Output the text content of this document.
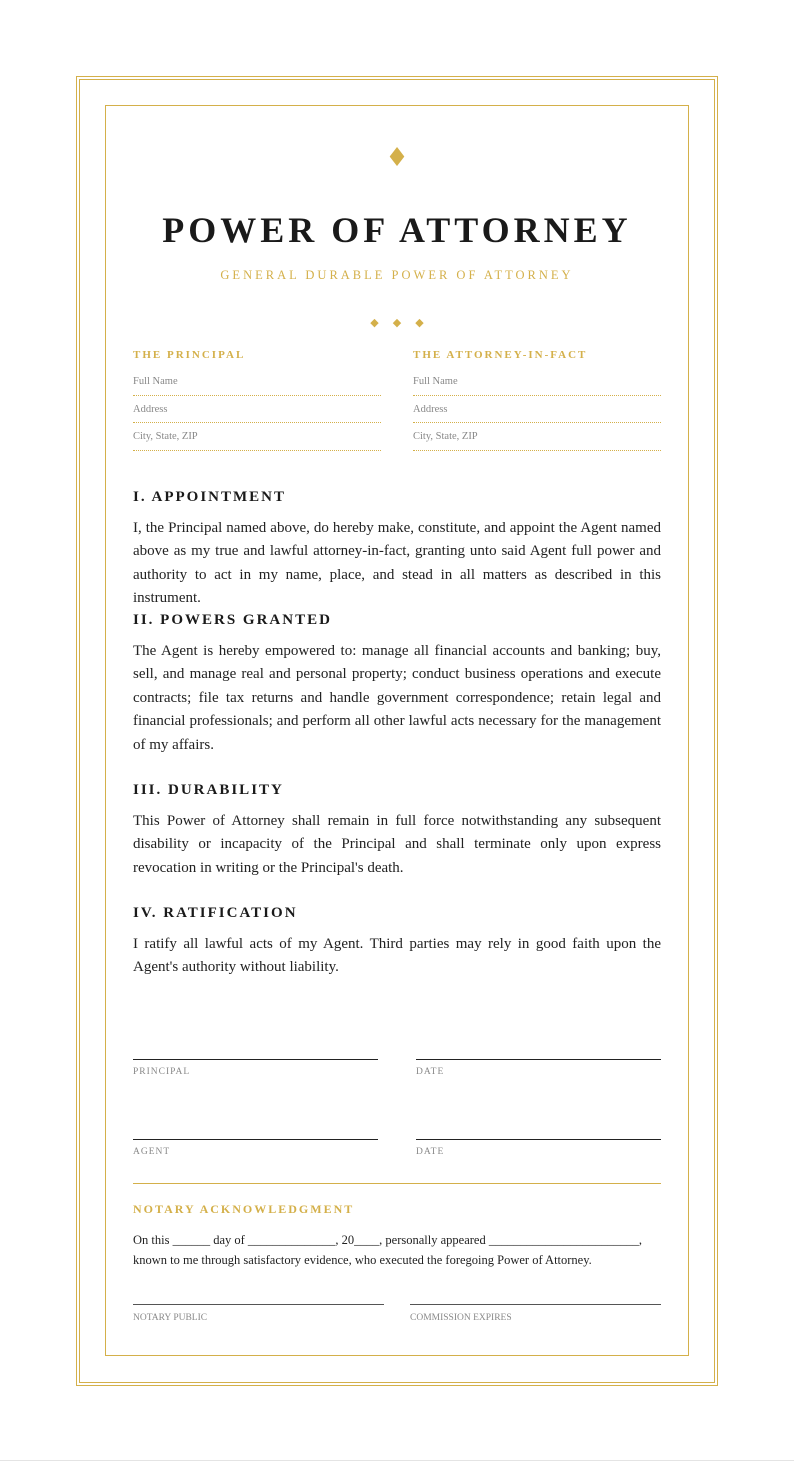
♦
POWER OF ATTORNEY
GENERAL DURABLE POWER OF ATTORNEY
◆◆◆
THE PRINCIPAL
Full Name
Address
City, State, ZIP
THE ATTORNEY-IN-FACT
Full Name
Address
City, State, ZIP
I. APPOINTMENT

I, the Principal named above, do hereby make, constitute, and appoint the Agent named above as my true and lawful attorney-in-fact, granting unto said Agent full power and authority to act in my name, place, and stead in all matters as described in this instrument.

II. POWERS GRANTED

The Agent is hereby empowered to: manage all financial accounts and banking; buy, sell, and manage real and personal property; conduct business operations and execute contracts; file tax returns and handle government correspondence; retain legal and financial professionals; and perform all other lawful acts necessary for the management of my affairs.

III. DURABILITY

This Power of Attorney shall remain in full force notwithstanding any subsequent disability or incapacity of the Principal and shall terminate only upon express revocation in writing or the Principal's death.

IV. RATIFICATION

I ratify all lawful acts of my Agent. Third parties may rely in good faith upon the Agent's authority without liability.

PRINCIPAL	DATE
AGENT	DATE
NOTARY ACKNOWLEDGMENT

On this ______ day of ______________, 20____, personally appeared ________________________, known to me through satisfactory evidence, who executed the foregoing Power of Attorney.

NOTARY PUBLIC	COMMISSION EXPIRES
